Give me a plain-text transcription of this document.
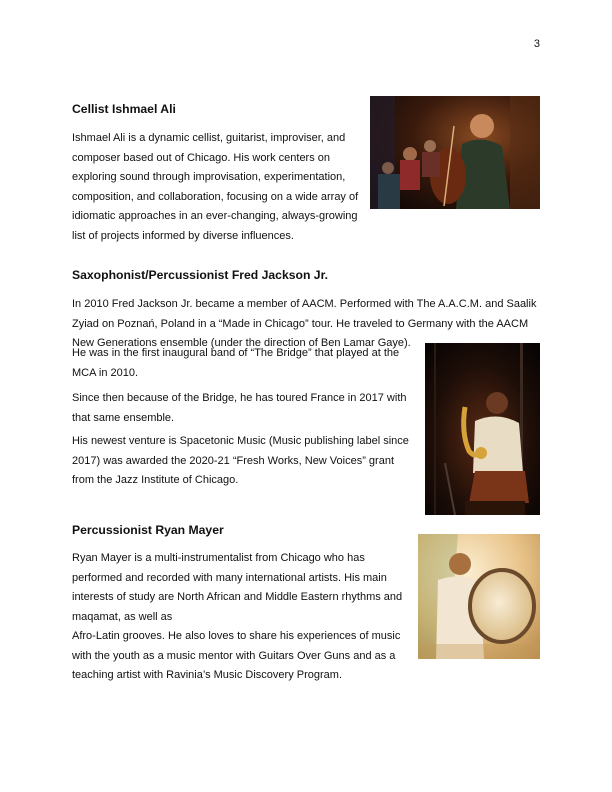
3
Cellist Ishmael Ali

Ishmael Ali is a dynamic cellist, guitarist, improviser, and composer based out of Chicago. His work centers on exploring sound through improvisation, experimentation, composition, and collaboration, focusing on a wide array of idiomatic approaches in an ever-changing, always-growing list of projects informed by diverse influences.

Saxophonist/Percussionist Fred Jackson Jr.

In 2010 Fred Jackson Jr. became a member of AACM. Performed with The A.A.C.M. and Saalik Zyiad on Poznań, Poland in a “Made in Chicago” tour. He traveled to Germany with the AACM New Generations ensemble (under the direction of Ben Lamar Gaye).

He was in the first inaugural band of “The Bridge” that played at the MCA in 2010.

Since then because of the Bridge, he has toured France in 2017 with that same ensemble.

His newest venture is Spacetonic Music (Music publishing label since 2017) was awarded the 2020-21 “Fresh Works, New Voices” grant from the Jazz Institute of Chicago.

Percussionist Ryan Mayer

Ryan Mayer is a multi-instrumentalist from Chicago who has performed and recorded with many international artists. His main interests of study are North African and Middle Eastern rhythms and maqamat, as well as

Afro-Latin grooves. He also loves to share his experiences of music with the youth as a music mentor with Guitars Over Guns and as a teaching artist with Ravinia’s Music Discovery Program.
